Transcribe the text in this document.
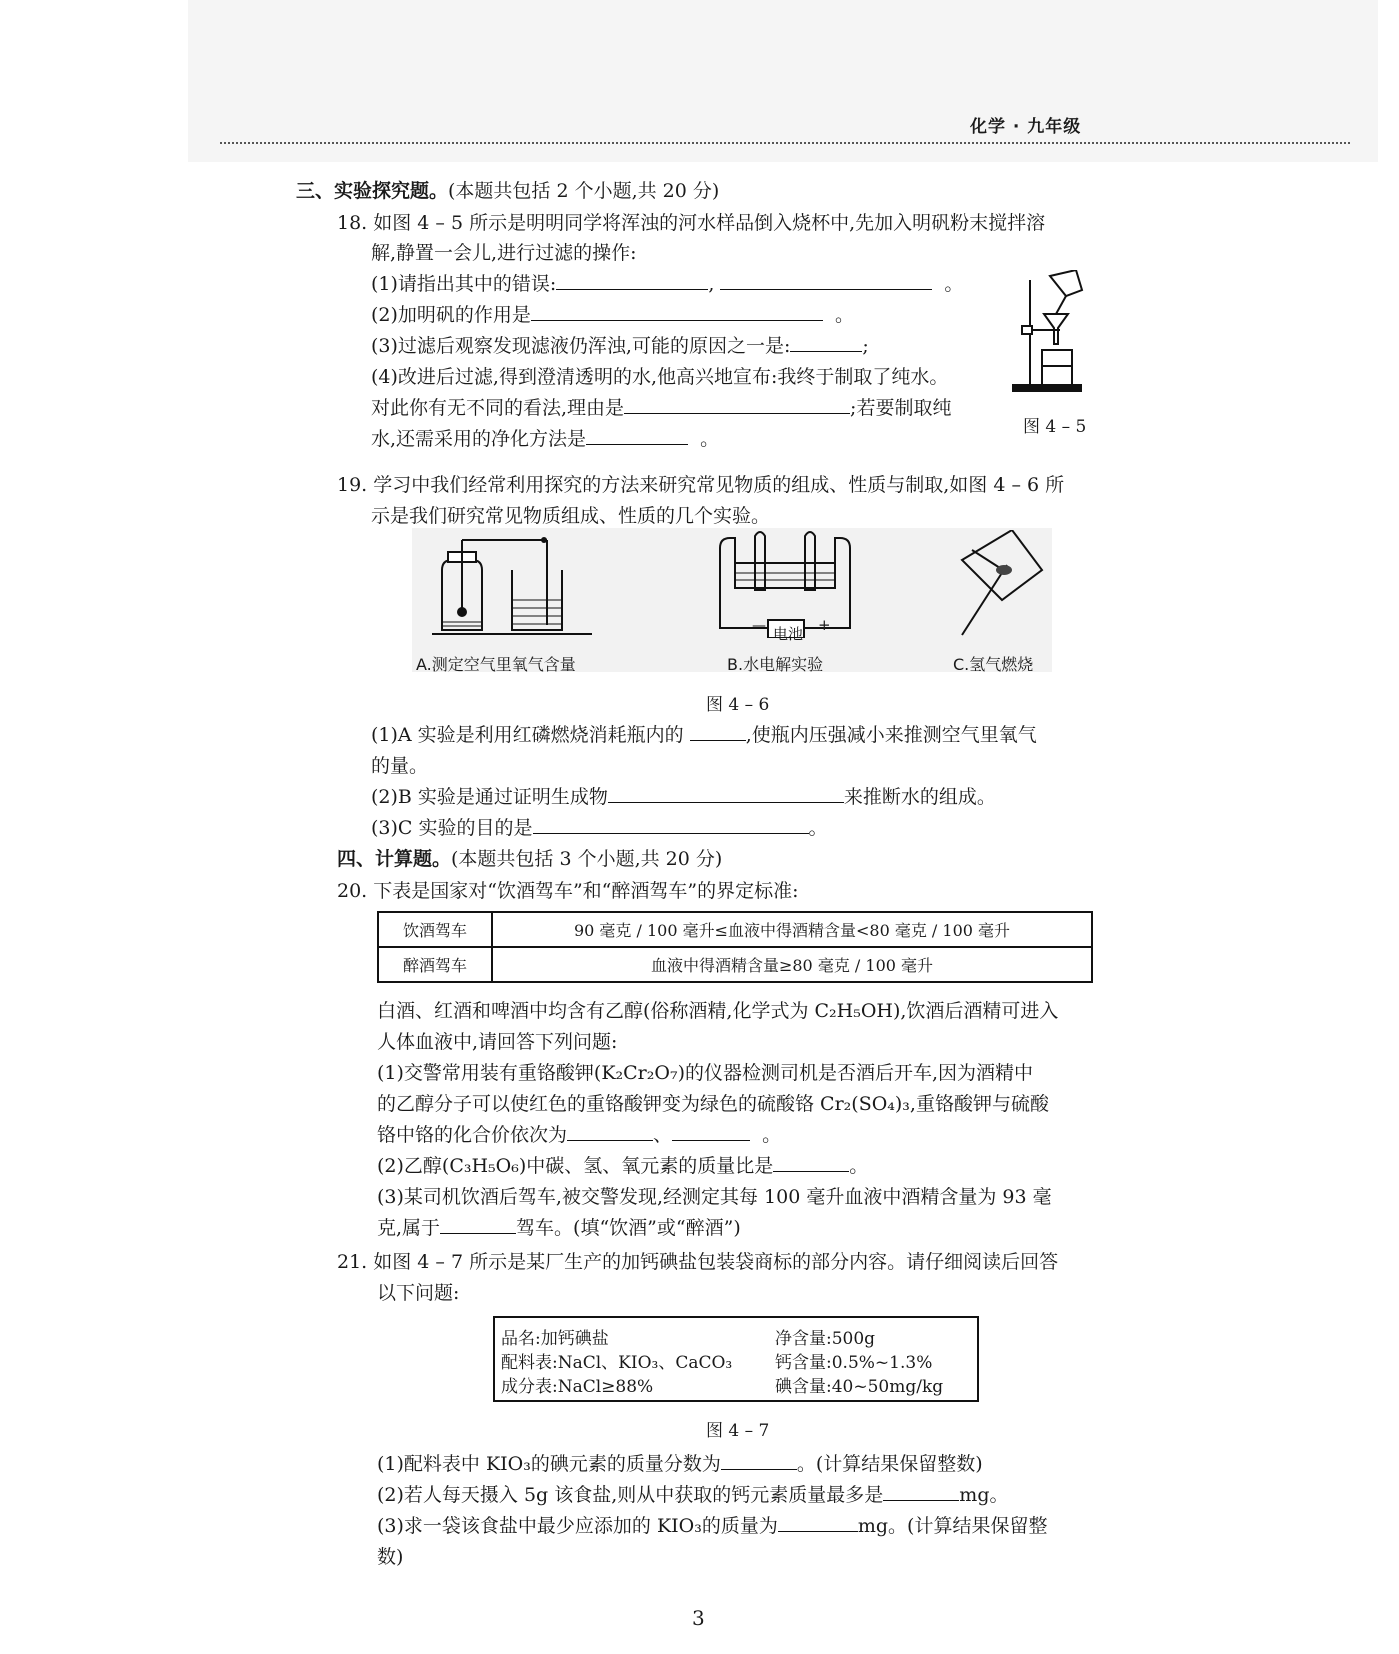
化学 · 九年级
三、实验探究题。(本题共包括 2 个小题,共 20 分)
18. 如图 4 – 5 所示是明明同学将浑浊的河水样品倒入烧杯中,先加入明矾粉末搅拌溶
解,静置一会儿,进行过滤的操作:
(1)请指出其中的错误:	,	。
(2)加明矾的作用是	。
(3)过滤后观察发现滤液仍浑浊,可能的原因之一是:	;
(4)改进后过滤,得到澄清透明的水,他高兴地宣布:我终于制取了纯水。
对此你有无不同的看法,理由是	;若要制取纯
水,还需采用的净化方法是	。
图 4 – 5
19. 学习中我们经常利用探究的方法来研究常见物质的组成、性质与制取,如图 4 – 6 所
示是我们研究常见物质组成、性质的几个实验。
电池
—	+
A.测定空气里氧气含量	B.水电解实验	C.氢气燃烧
图 4 – 6
(1)A 实验是利用红磷燃烧消耗瓶内的	,使瓶内压强减小来推测空气里氧气
的量。
(2)B 实验是通过证明生成物	来推断水的组成。
(3)C 实验的目的是	。
四、计算题。(本题共包括 3 个小题,共 20 分)
20. 下表是国家对“饮酒驾车”和“醉酒驾车”的界定标准:
饮酒驾车	90 毫克 / 100 毫升≤血液中得酒精含量<80 毫克 / 100 毫升
醉酒驾车	血液中得酒精含量≥80 毫克 / 100 毫升
白酒、红酒和啤酒中均含有乙醇(俗称酒精,化学式为 C₂H₅OH),饮酒后酒精可进入
人体血液中,请回答下列问题:
(1)交警常用装有重铬酸钾(K₂Cr₂O₇)的仪器检测司机是否酒后开车,因为酒精中
的乙醇分子可以使红色的重铬酸钾变为绿色的硫酸铬 Cr₂(SO₄)₃,重铬酸钾与硫酸
铬中铬的化合价依次为	、	。
(2)乙醇(C₃H₅O₆)中碳、氢、氧元素的质量比是	。
(3)某司机饮酒后驾车,被交警发现,经测定其每 100 毫升血液中酒精含量为 93 毫
克,属于	驾车。(填“饮酒”或“醉酒”)
21. 如图 4 – 7 所示是某厂生产的加钙碘盐包装袋商标的部分内容。请仔细阅读后回答
以下问题:
品名:加钙碘盐	净含量:500g
配料表:NaCl、KIO₃、CaCO₃	钙含量:0.5%~1.3%
成分表:NaCl≥88%	碘含量:40~50mg/kg
图 4 – 7
(1)配料表中 KIO₃的碘元素的质量分数为	。(计算结果保留整数)
(2)若人每天摄入 5g 该食盐,则从中获取的钙元素质量最多是	mg。
(3)求一袋该食盐中最少应添加的 KIO₃的质量为	mg。(计算结果保留整
数)
3
